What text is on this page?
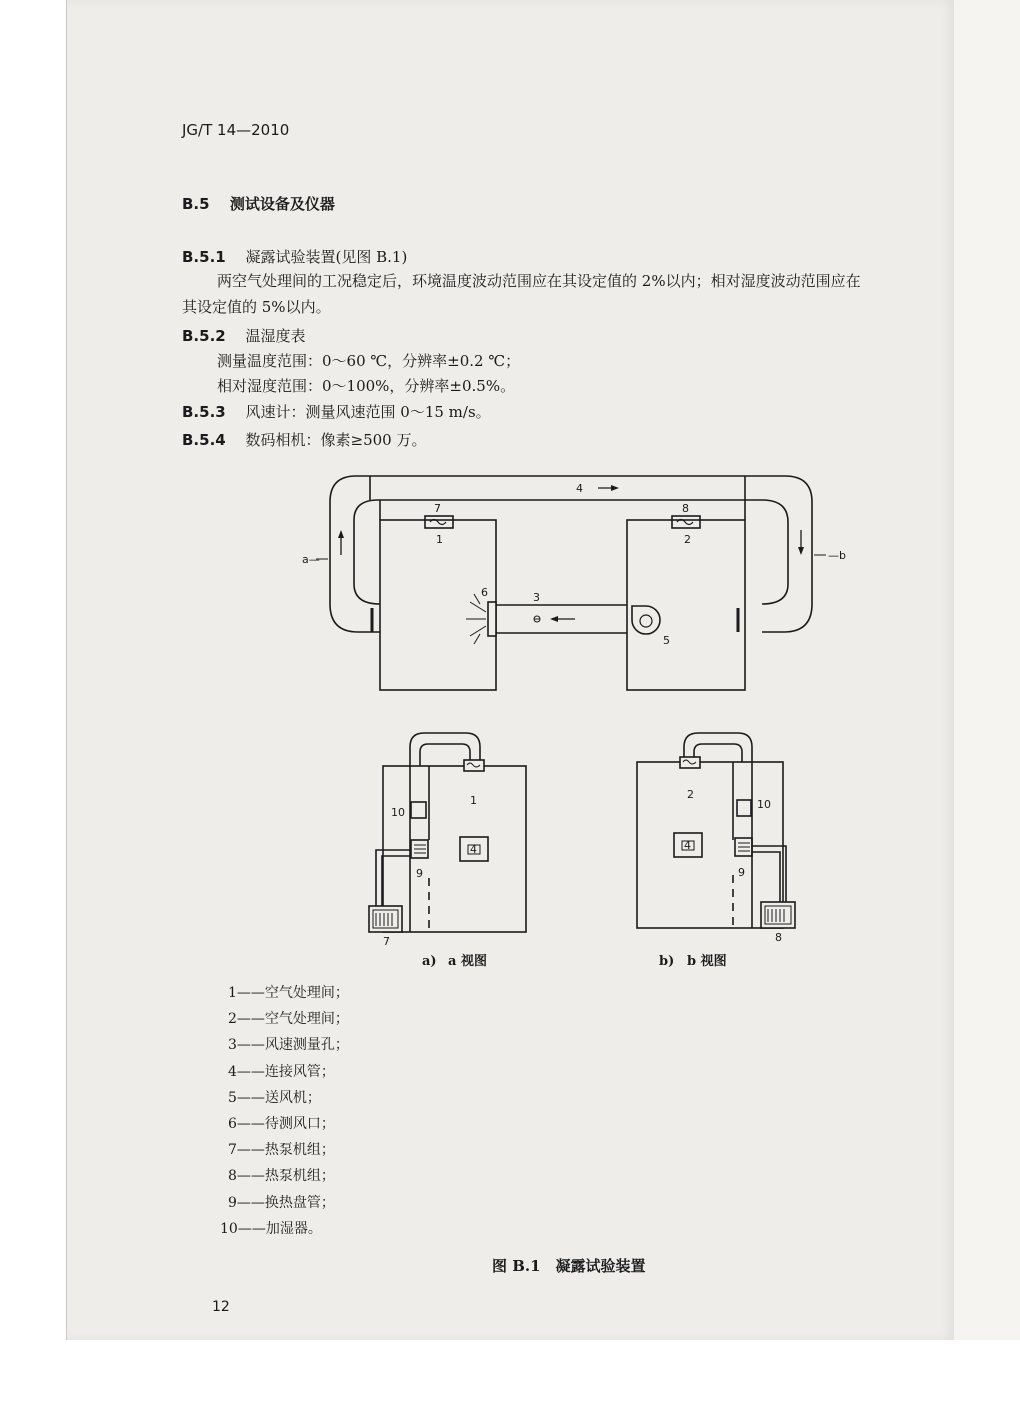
JG/T 14—2010
B.5　 测试设备及仪器
B.5.1　 凝露试验装置(见图 B.1)
两空气处理间的工况稳定后，环境温度波动范围应在其设定值的 2%以内；相对湿度波动范围应在
其设定值的 5%以内。
B.5.2　 温湿度表
测量温度范围：0～60 ℃，分辨率±0.2 ℃；
相对湿度范围：0～100%，分辨率±0.5%。
B.5.3　 风速计：测量风速范围 0～15 m/s。
B.5.4　 数码相机：像素≥500 万。
a—	—b
7
1
8
2
4
3
6
5
1
10
4
9
7
2
10
4
9
8
a) a 视图	b) b 视图
1——空气处理间；
2——空气处理间；
3——风速测量孔；
4——连接风管；
5——送风机；
6——待测风口；
7——热泵机组；
8——热泵机组；
9——换热盘管；
10——加湿器。
图 B.1　凝露试验装置
12
